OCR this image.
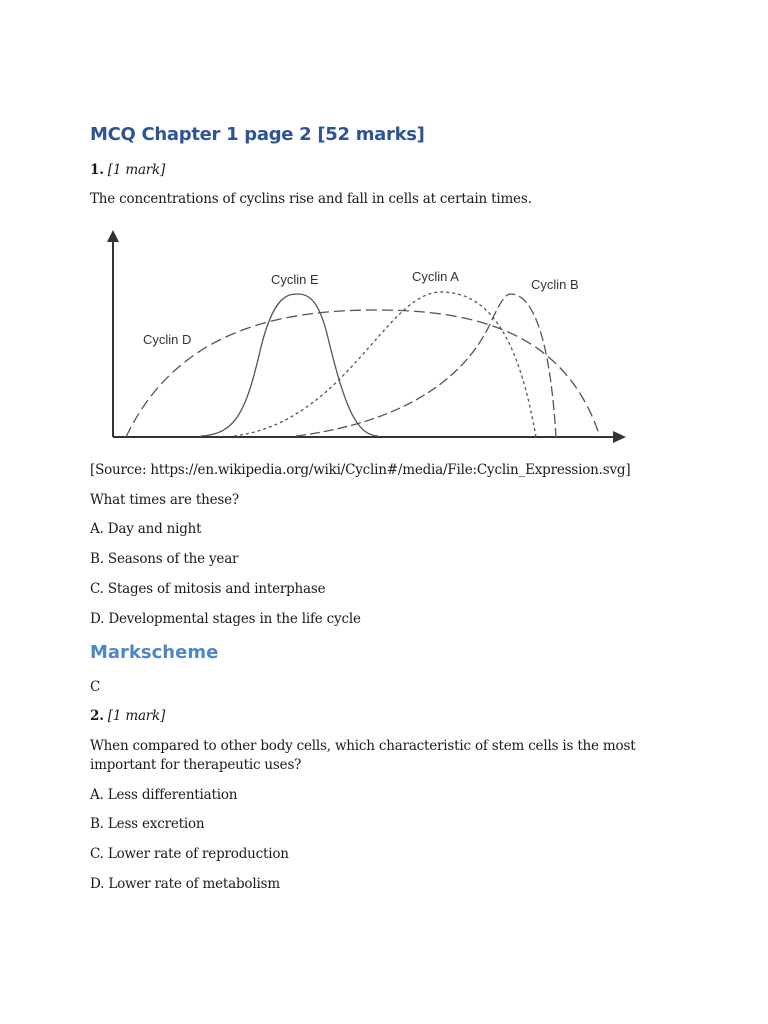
MCQ Chapter 1 page 2 [52 marks]

1. [1 mark]

The concentrations of cyclins rise and fall in cells at certain times.

[Source: https://en.wikipedia.org/wiki/Cyclin#/media/File:Cyclin_Expression.svg]

What times are these?

A. Day and night

B. Seasons of the year

C. Stages of mitosis and interphase

D. Developmental stages in the life cycle

Markscheme

C

2. [1 mark]

When compared to other body cells, which characteristic of stem cells is the most important for therapeutic uses?

A. Less differentiation

B. Less excretion

C. Lower rate of reproduction

D. Lower rate of metabolism

Cyclin D
Cyclin E	Cyclin A
Cyclin B
